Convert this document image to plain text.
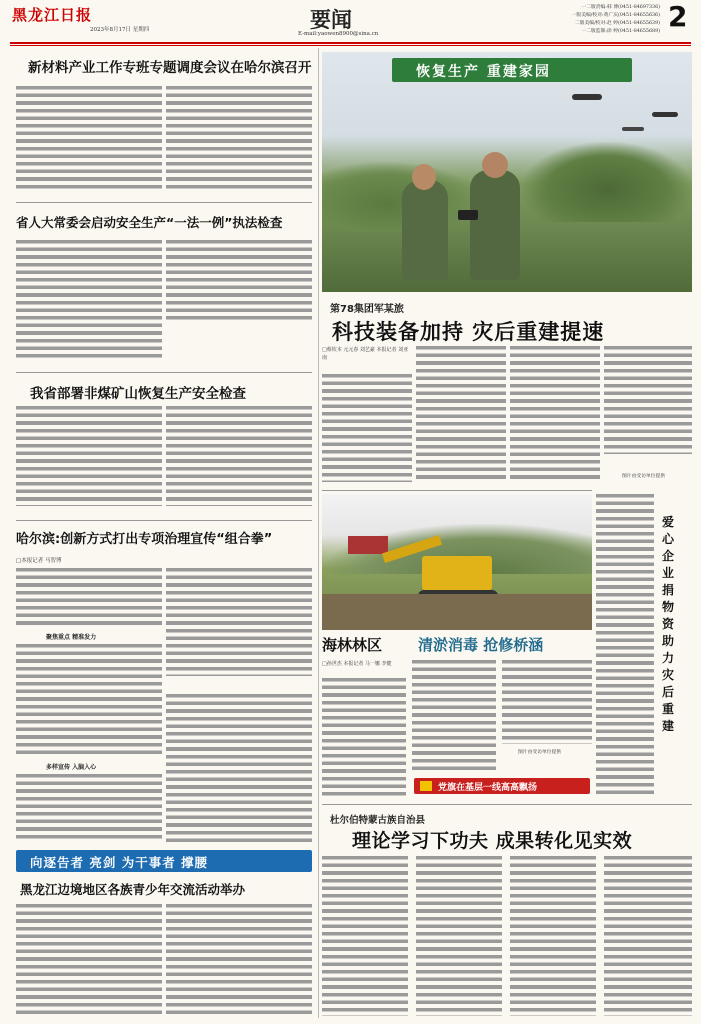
黑龙江日报
2023年8月17日 星期四	要闻
E-mail:yaowen8900@sina.cn
一二版责编:韩 博(0451-84697336)
一版美编/校对:黄广庆(0451-84655636)
二版美编/校对:赵 婷(0451-84655639)
一二版监制:徐 婷(0451-84655689) 2
新材料产业工作专班专题调度会议在哈尔滨召开
省人大常委会启动安全生产“一法一例”执法检查
我省部署非煤矿山恢复生产安全检查
哈尔滨:创新方式打出专项治理宣传“组合拳”
□本报记者 马智博
聚焦重点 精准发力
多样宣传 入脑入心
向逐告者 亮剑 为干事者 撑腰
黑龙江边境地区各族青少年交流活动举办
恢复生产 重建家园
第78集团军某旅
科技装备加持 灾后重建提速
□蔡钦本 元元春 刘艺豪 本报记者 刘亚南
图片由受访单位提供
爱心企业捐物资助力灾后重建
海林林区 清淤消毒 抢修桥涵
□孙世杰 本报记者 马一娜 李健
图片由受访单位提供
党旗在基层一线高高飘扬
杜尔伯特蒙古族自治县
理论学习下功夫 成果转化见实效
